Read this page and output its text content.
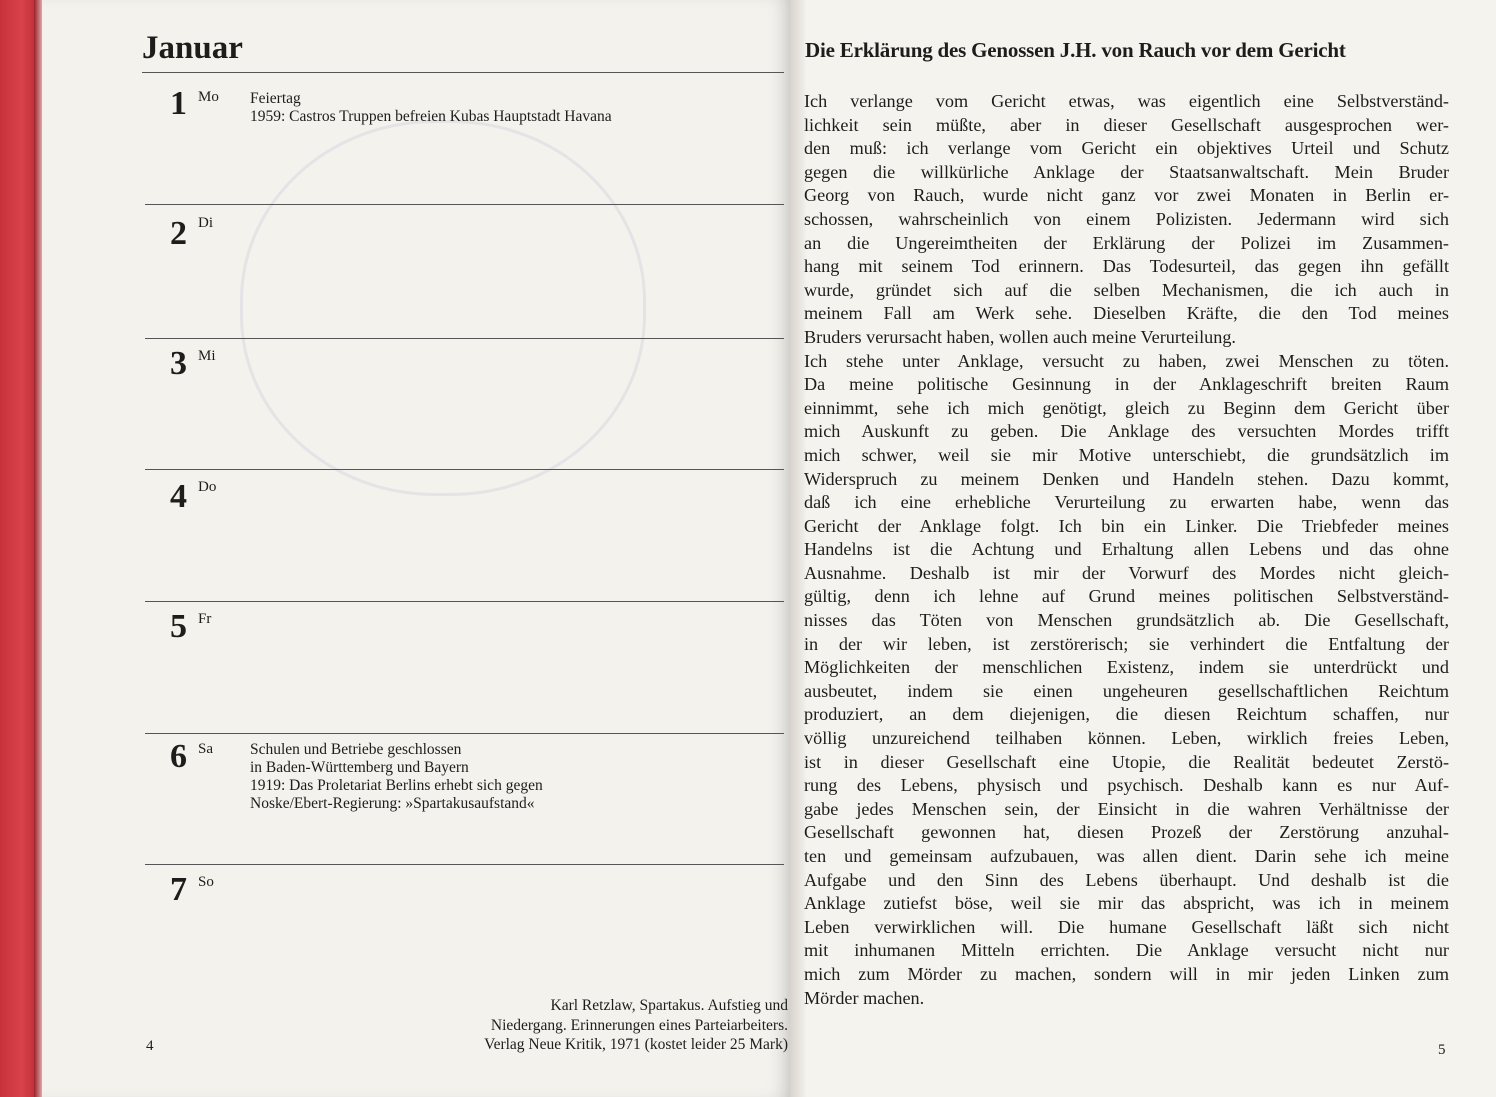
Januar
1 Mo Feiertag
1959: Castros Truppen befreien Kubas Hauptstadt Havana
2 Di
3 Mi
4 Do
5 Fr
6 Sa Schulen und Betriebe geschlossen
in Baden-Württemberg und Bayern
1919: Das Proletariat Berlins erhebt sich gegen
Noske/Ebert-Regierung: »Spartakusaufstand«
7 So
Karl Retzlaw, Spartakus. Aufstieg und
Niedergang. Erinnerungen eines Parteiarbeiters.
Verlag Neue Kritik, 1971 (kostet leider 25 Mark)
4
Die Erklärung des Genossen J.H. von Rauch vor dem Gericht
Ich verlange vom Gericht etwas, was eigentlich eine Selbstverständ-
lichkeit sein müßte, aber in dieser Gesellschaft ausgesprochen wer-
den muß: ich verlange vom Gericht ein objektives Urteil und Schutz
gegen die willkürliche Anklage der Staatsanwaltschaft. Mein Bruder
Georg von Rauch, wurde nicht ganz vor zwei Monaten in Berlin er-
schossen, wahrscheinlich von einem Polizisten. Jedermann wird sich
an die Ungereimtheiten der Erklärung der Polizei im Zusammen-
hang mit seinem Tod erinnern. Das Todesurteil, das gegen ihn gefällt
wurde, gründet sich auf die selben Mechanismen, die ich auch in
meinem Fall am Werk sehe. Dieselben Kräfte, die den Tod meines
Bruders verursacht haben, wollen auch meine Verurteilung.
Ich stehe unter Anklage, versucht zu haben, zwei Menschen zu töten.
Da meine politische Gesinnung in der Anklageschrift breiten Raum
einnimmt, sehe ich mich genötigt, gleich zu Beginn dem Gericht über
mich Auskunft zu geben. Die Anklage des versuchten Mordes trifft
mich schwer, weil sie mir Motive unterschiebt, die grundsätzlich im
Widerspruch zu meinem Denken und Handeln stehen. Dazu kommt,
daß ich eine erhebliche Verurteilung zu erwarten habe, wenn das
Gericht der Anklage folgt. Ich bin ein Linker. Die Triebfeder meines
Handelns ist die Achtung und Erhaltung allen Lebens und das ohne
Ausnahme. Deshalb ist mir der Vorwurf des Mordes nicht gleich-
gültig, denn ich lehne auf Grund meines politischen Selbstverständ-
nisses das Töten von Menschen grundsätzlich ab. Die Gesellschaft,
in der wir leben, ist zerstörerisch; sie verhindert die Entfaltung der
Möglichkeiten der menschlichen Existenz, indem sie unterdrückt und
ausbeutet, indem sie einen ungeheuren gesellschaftlichen Reichtum
produziert, an dem diejenigen, die diesen Reichtum schaffen, nur
völlig unzureichend teilhaben können. Leben, wirklich freies Leben,
ist in dieser Gesellschaft eine Utopie, die Realität bedeutet Zerstö-
rung des Lebens, physisch und psychisch. Deshalb kann es nur Auf-
gabe jedes Menschen sein, der Einsicht in die wahren Verhältnisse der
Gesellschaft gewonnen hat, diesen Prozeß der Zerstörung anzuhal-
ten und gemeinsam aufzubauen, was allen dient. Darin sehe ich meine
Aufgabe und den Sinn des Lebens überhaupt. Und deshalb ist die
Anklage zutiefst böse, weil sie mir das abspricht, was ich in meinem
Leben verwirklichen will. Die humane Gesellschaft läßt sich nicht
mit inhumanen Mitteln errichten. Die Anklage versucht nicht nur
mich zum Mörder zu machen, sondern will in mir jeden Linken zum
Mörder machen.
5
